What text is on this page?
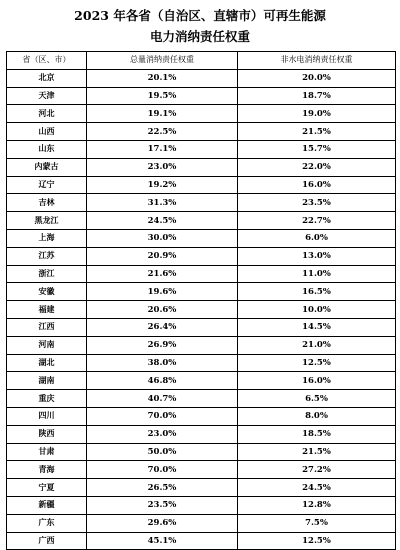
2023 年各省（自治区、直辖市）可再生能源
电力消纳责任权重
省（区、市）	总量消纳责任权重	非水电消纳责任权重
北京	20.1%	20.0%
天津	19.5%	18.7%
河北	19.1%	19.0%
山西	22.5%	21.5%
山东	17.1%	15.7%
内蒙古	23.0%	22.0%
辽宁	19.2%	16.0%
吉林	31.3%	23.5%
黑龙江	24.5%	22.7%
上海	30.0%	6.0%
江苏	20.9%	13.0%
浙江	21.6%	11.0%
安徽	19.6%	16.5%
福建	20.6%	10.0%
江西	26.4%	14.5%
河南	26.9%	21.0%
湖北	38.0%	12.5%
湖南	46.8%	16.0%
重庆	40.7%	6.5%
四川	70.0%	8.0%
陕西	23.0%	18.5%
甘肃	50.0%	21.5%
青海	70.0%	27.2%
宁夏	26.5%	24.5%
新疆	23.5%	12.8%
广东	29.6%	7.5%
广西	45.1%	12.5%
